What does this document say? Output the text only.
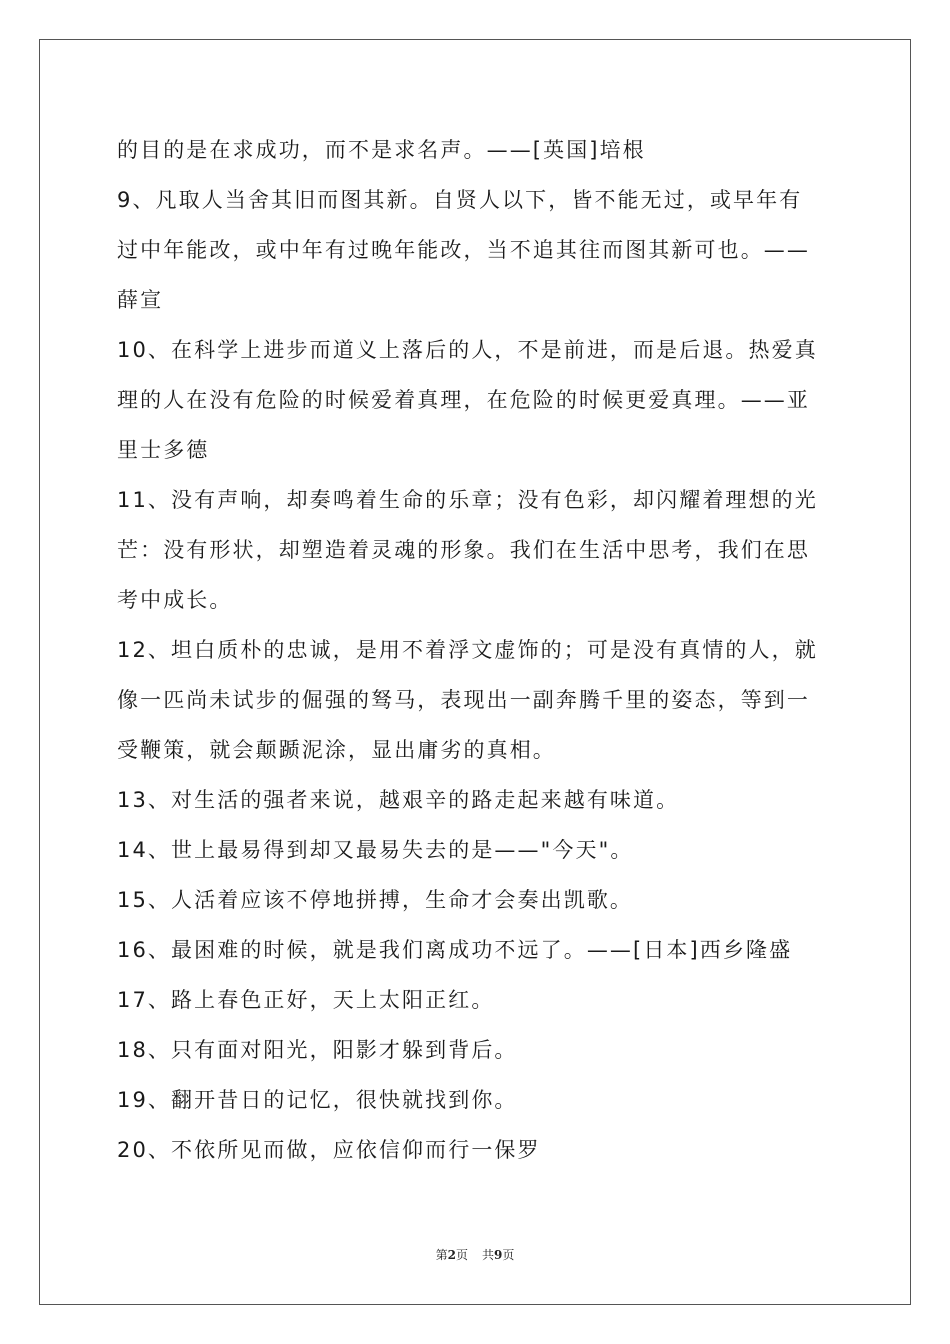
的目的是在求成功，而不是求名声。——[英国]培根
9、凡取人当舍其旧而图其新。自贤人以下，皆不能无过，或早年有
过中年能改，或中年有过晚年能改，当不追其往而图其新可也。——
薛宣
10、在科学上进步而道义上落后的人，不是前进，而是后退。热爱真
理的人在没有危险的时候爱着真理，在危险的时候更爱真理。——亚
里士多德
11、没有声响，却奏鸣着生命的乐章；没有色彩，却闪耀着理想的光
芒：没有形状，却塑造着灵魂的形象。我们在生活中思考，我们在思
考中成长。
12、坦白质朴的忠诚，是用不着浮文虚饰的；可是没有真情的人，就
像一匹尚未试步的倔强的驽马，表现出一副奔腾千里的姿态，等到一
受鞭策，就会颠踬泥涂，显出庸劣的真相。
13、对生活的强者来说，越艰辛的路走起来越有味道。
14、世上最易得到却又最易失去的是——"今天"。
15、人活着应该不停地拼搏，生命才会奏出凯歌。
16、最困难的时候，就是我们离成功不远了。——[日本]西乡隆盛
17、路上春色正好，天上太阳正红。
18、只有面对阳光，阳影才躲到背后。
19、翻开昔日的记忆，很快就找到你。
20、不依所见而做，应依信仰而行一保罗
第2页 共9页
